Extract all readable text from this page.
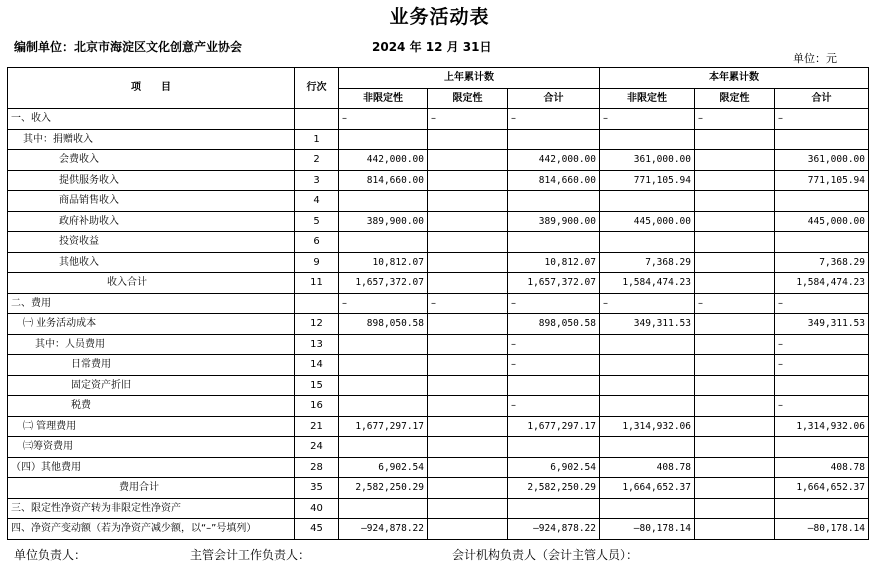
业务活动表
编制单位：北京市海淀区文化创意产业协会	2024 年 12 月 31日
单位：元
项　　目	行次	上年累计数			本年累计数		
		非限定性	限定性	合计	非限定性	限定性	合计
一、收入		–	–	–	–	–	–
其中：捐赠收入	1						
会费收入	2	442,000.00		442,000.00	361,000.00		361,000.00
提供服务收入	3	814,660.00		814,660.00	771,105.94		771,105.94
商品销售收入	4						
政府补助收入	5	389,900.00		389,900.00	445,000.00		445,000.00
投资收益	6						
其他收入	9	10,812.07		10,812.07	7,368.29		7,368.29
收入合计	11	1,657,372.07		1,657,372.07	1,584,474.23		1,584,474.23
二、费用		–	–	–	–	–	–
㈠ 业务活动成本	12	898,050.58		898,050.58	349,311.53		349,311.53
其中：人员费用	13			–			–
日常费用	14			–			–
固定资产折旧	15						
税费	16			–			–
㈡ 管理费用	21	1,677,297.17		1,677,297.17	1,314,932.06		1,314,932.06
㈢筹资费用	24						
（四）其他费用	28	6,902.54		6,902.54	408.78		408.78
费用合计	35	2,582,250.29		2,582,250.29	1,664,652.37		1,664,652.37
三、限定性净资产转为非限定性净资产	40						
四、净资产变动额（若为净资产减少额，以“–”号填列）	45	–924,878.22		–924,878.22	–80,178.14		–80,178.14
单位负责人：	主管会计工作负责人：	会计机构负责人（会计主管人员）：
